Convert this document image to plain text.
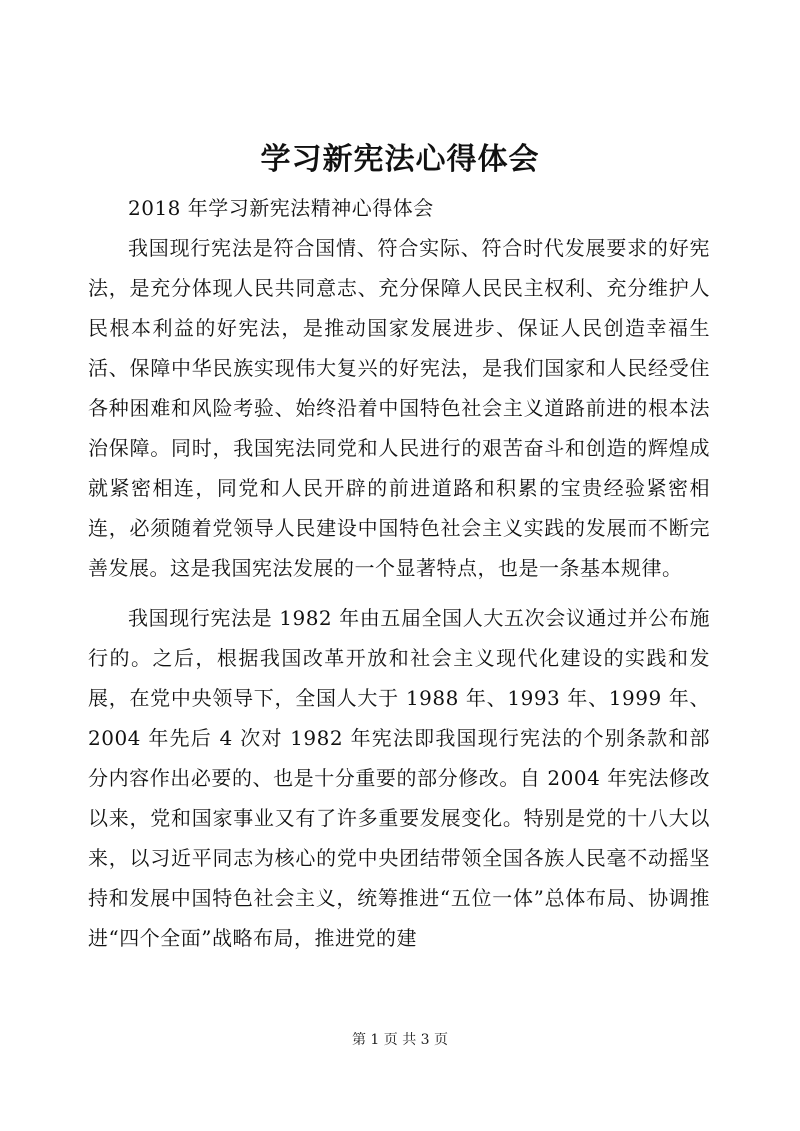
学习新宪法心得体会

2018 年学习新宪法精神心得体会

我国现行宪法是符合国情、符合实际、符合时代发展要求的好宪法，是充分体现人民共同意志、充分保障人民民主权利、充分维护人民根本利益的好宪法，是推动国家发展进步、保证人民创造幸福生活、保障中华民族实现伟大复兴的好宪法，是我们国家和人民经受住各种困难和风险考验、始终沿着中国特色社会主义道路前进的根本法治保障。同时，我国宪法同党和人民进行的艰苦奋斗和创造的辉煌成就紧密相连，同党和人民开辟的前进道路和积累的宝贵经验紧密相连，必须随着党领导人民建设中国特色社会主义实践的发展而不断完善发展。这是我国宪法发展的一个显著特点，也是一条基本规律。

我国现行宪法是 1982 年由五届全国人大五次会议通过并公布施行的。之后，根据我国改革开放和社会主义现代化建设的实践和发展，在党中央领导下，全国人大于 1988 年、1993 年、1999 年、2004 年先后 4 次对 1982 年宪法即我国现行宪法的个别条款和部分内容作出必要的、也是十分重要的部分修改。自 2004 年宪法修改以来，党和国家事业又有了许多重要发展变化。特别是党的十八大以来，以习近平同志为核心的党中央团结带领全国各族人民毫不动摇坚持和发展中国特色社会主义，统筹推进“五位一体”总体布局、协调推进“四个全面”战略布局，推进党的建

第 1 页 共 3 页
